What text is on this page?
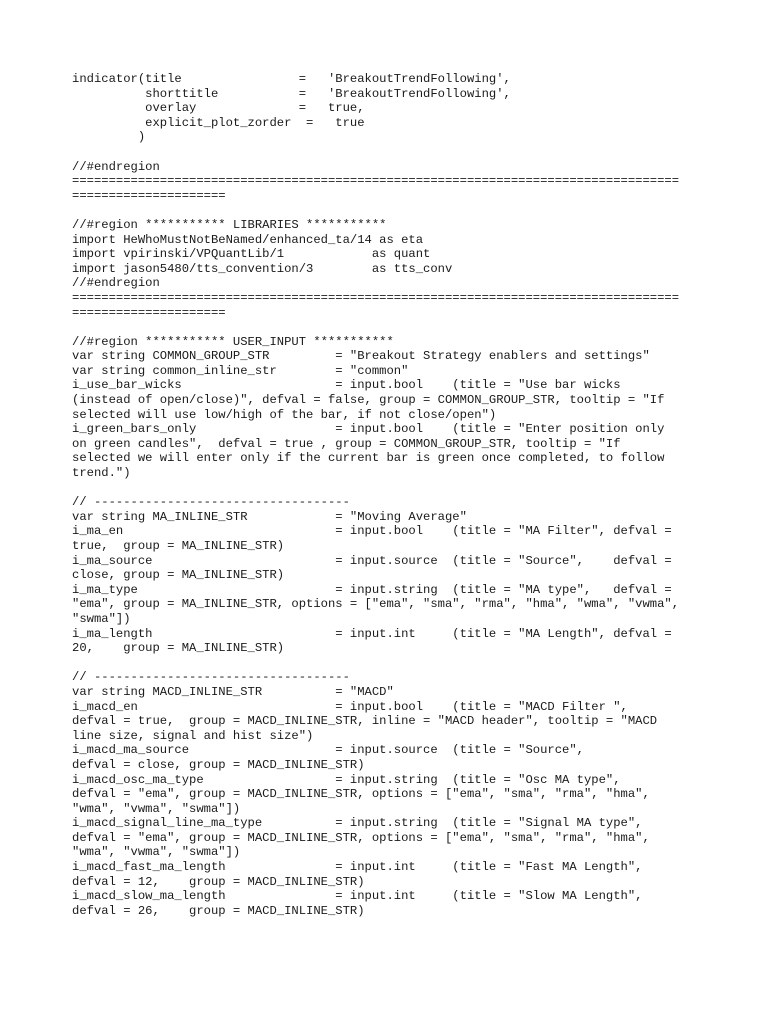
indicator(title                =   'BreakoutTrendFollowing',
shorttitle           =   'BreakoutTrendFollowing',
overlay              =   true,
explicit_plot_zorder  =   true
)

//#endregion
===================================================================================
=====================

//#region *********** LIBRARIES ***********
import HeWhoMustNotBeNamed/enhanced_ta/14 as eta
import vpirinski/VPQuantLib/1            as quant
import jason5480/tts_convention/3        as tts_conv
//#endregion
===================================================================================
=====================

//#region *********** USER_INPUT ***********
var string COMMON_GROUP_STR         = "Breakout Strategy enablers and settings"
var string common_inline_str        = "common"
i_use_bar_wicks                     = input.bool    (title = "Use bar wicks
(instead of open/close)", defval = false, group = COMMON_GROUP_STR, tooltip = "If
selected will use low/high of the bar, if not close/open")
i_green_bars_only                   = input.bool    (title = "Enter position only
on green candles",  defval = true , group = COMMON_GROUP_STR, tooltip = "If
selected we will enter only if the current bar is green once completed, to follow
trend.")

// -----------------------------------
var string MA_INLINE_STR            = "Moving Average"
i_ma_en                             = input.bool    (title = "MA Filter", defval =
true,  group = MA_INLINE_STR)
i_ma_source                         = input.source  (title = "Source",    defval =
close, group = MA_INLINE_STR)
i_ma_type                           = input.string  (title = "MA type",   defval =
"ema", group = MA_INLINE_STR, options = ["ema", "sma", "rma", "hma", "wma", "vwma",
"swma"])
i_ma_length                         = input.int     (title = "MA Length", defval =
20,    group = MA_INLINE_STR)

// -----------------------------------
var string MACD_INLINE_STR          = "MACD"
i_macd_en                           = input.bool    (title = "MACD Filter ",
defval = true,  group = MACD_INLINE_STR, inline = "MACD header", tooltip = "MACD
line size, signal and hist size")
i_macd_ma_source                    = input.source  (title = "Source",
defval = close, group = MACD_INLINE_STR)
i_macd_osc_ma_type                  = input.string  (title = "Osc MA type",
defval = "ema", group = MACD_INLINE_STR, options = ["ema", "sma", "rma", "hma",
"wma", "vwma", "swma"])
i_macd_signal_line_ma_type          = input.string  (title = "Signal MA type",
defval = "ema", group = MACD_INLINE_STR, options = ["ema", "sma", "rma", "hma",
"wma", "vwma", "swma"])
i_macd_fast_ma_length               = input.int     (title = "Fast MA Length",
defval = 12,    group = MACD_INLINE_STR)
i_macd_slow_ma_length               = input.int     (title = "Slow MA Length",
defval = 26,    group = MACD_INLINE_STR)
